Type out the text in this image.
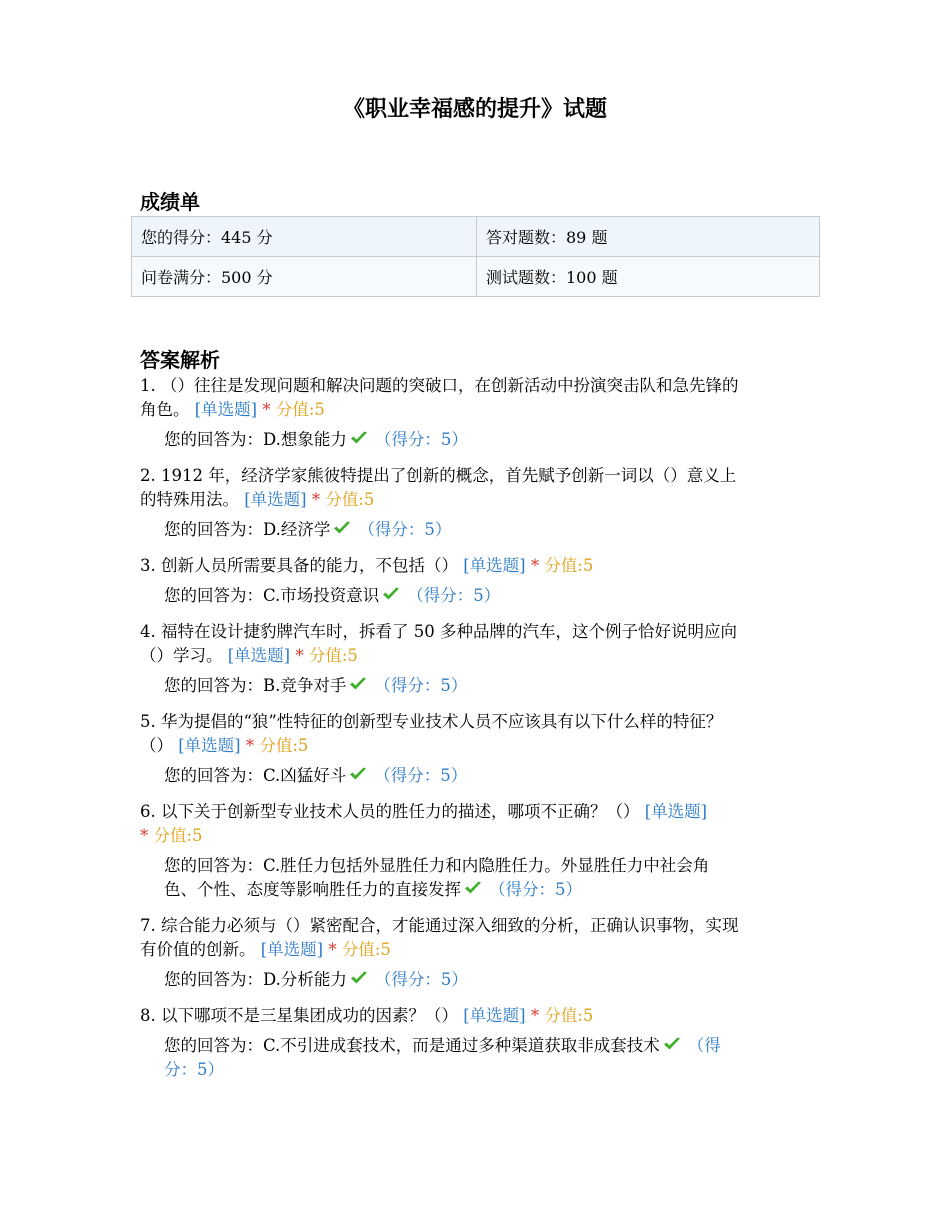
《职业幸福感的提升》试题
成绩单
您的得分：445 分	答对题数：89 题
问卷满分：500 分	测试题数：100 题
答案解析
1. （）往往是发现问题和解决问题的突破口，在创新活动中扮演突击队和急先锋的
角色。 [单选题] * 分值:5
您的回答为：D.想象能力 （得分：5）
2. 1912 年，经济学家熊彼特提出了创新的概念，首先赋予创新一词以（）意义上
的特殊用法。 [单选题] * 分值:5
您的回答为：D.经济学 （得分：5）
3. 创新人员所需要具备的能力，不包括（） [单选题] * 分值:5
您的回答为：C.市场投资意识 （得分：5）
4. 福特在设计捷豹牌汽车时，拆看了 50 多种品牌的汽车，这个例子恰好说明应向
（）学习。 [单选题] * 分值:5
您的回答为：B.竞争对手 （得分：5）
5. 华为提倡的“狼”性特征的创新型专业技术人员不应该具有以下什么样的特征？
（） [单选题] * 分值:5
您的回答为：C.凶猛好斗 （得分：5）
6. 以下关于创新型专业技术人员的胜任力的描述，哪项不正确？（） [单选题]
* 分值:5
您的回答为：C.胜任力包括外显胜任力和内隐胜任力。外显胜任力中社会角
色、个性、态度等影响胜任力的直接发挥 （得分：5）
7. 综合能力必须与（）紧密配合，才能通过深入细致的分析，正确认识事物，实现
有价值的创新。 [单选题] * 分值:5
您的回答为：D.分析能力 （得分：5）
8. 以下哪项不是三星集团成功的因素？（） [单选题] * 分值:5
您的回答为：C.不引进成套技术，而是通过多种渠道获取非成套技术 （得
分：5）
